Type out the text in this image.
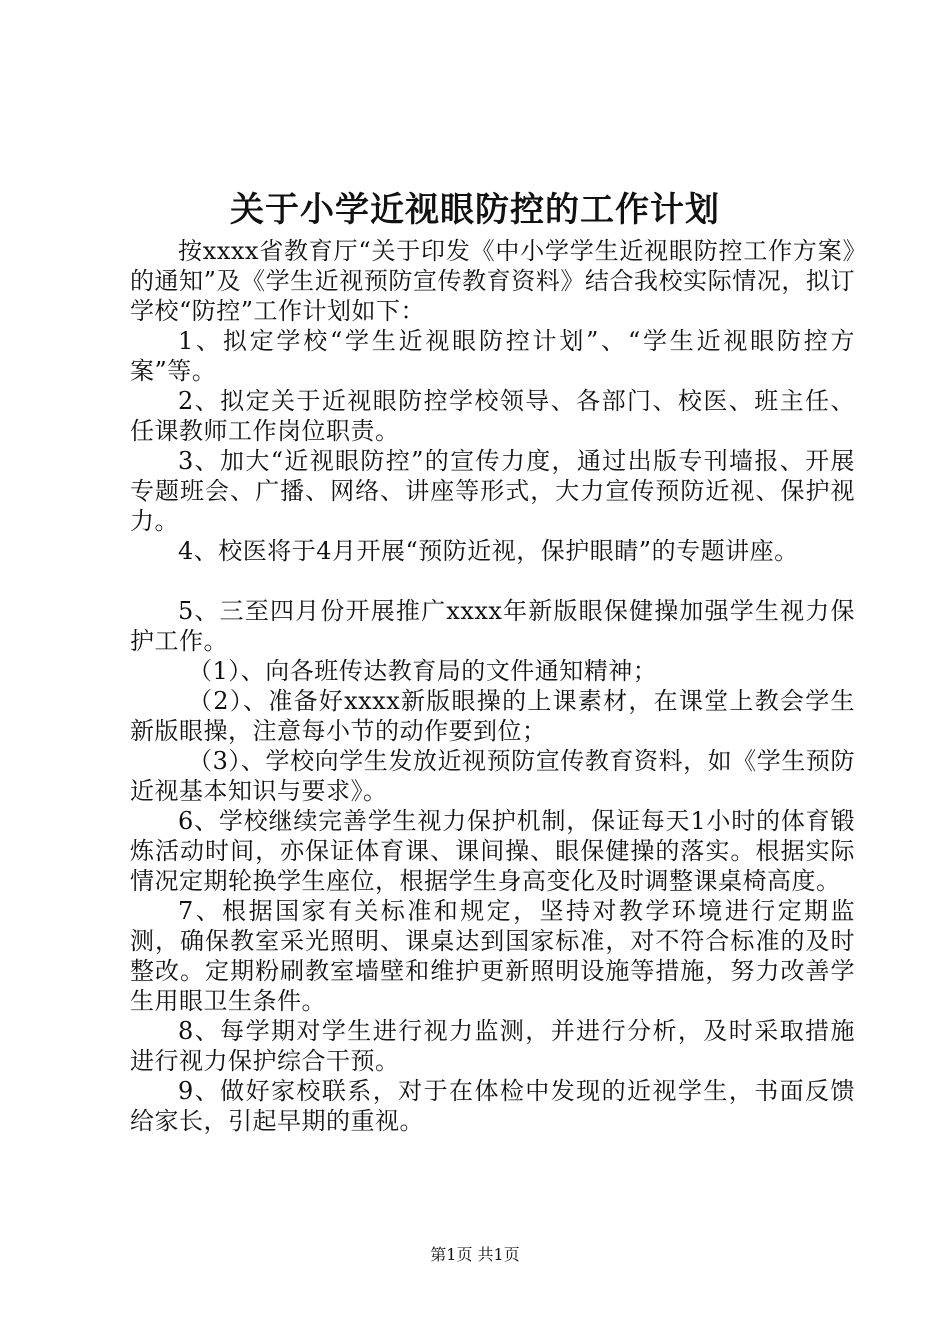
关于小学近视眼防控的工作计划

按xxxx省教育厅“关于印发《中小学学生近视眼防控工作方案》的通知”及《学生近视预防宣传教育资料》结合我校实际情况，拟订学校“防控”工作计划如下：

1、拟定学校“学生近视眼防控计划”、“学生近视眼防控方案”等。

2、拟定关于近视眼防控学校领导、各部门、校医、班主任、任课教师工作岗位职责。

3、加大“近视眼防控”的宣传力度，通过出版专刊墙报、开展专题班会、广播、网络、讲座等形式，大力宣传预防近视、保护视力。

4、校医将于4月开展“预防近视，保护眼睛”的专题讲座。

5、三至四月份开展推广xxxx年新版眼保健操加强学生视力保护工作。

（1）、向各班传达教育局的文件通知精神；

（2）、准备好xxxx新版眼操的上课素材，在课堂上教会学生新版眼操，注意每小节的动作要到位；

（3）、学校向学生发放近视预防宣传教育资料，如《学生预防近视基本知识与要求》。

6、学校继续完善学生视力保护机制，保证每天1小时的体育锻炼活动时间，亦保证体育课、课间操、眼保健操的落实。根据实际情况定期轮换学生座位，根据学生身高变化及时调整课桌椅高度。

7、根据国家有关标准和规定，坚持对教学环境进行定期监测，确保教室采光照明、课桌达到国家标准，对不符合标准的及时整改。定期粉刷教室墙壁和维护更新照明设施等措施，努力改善学生用眼卫生条件。

8、每学期对学生进行视力监测，并进行分析，及时采取措施进行视力保护综合干预。

9、做好家校联系，对于在体检中发现的近视学生，书面反馈给家长，引起早期的重视。

第1页 共1页
